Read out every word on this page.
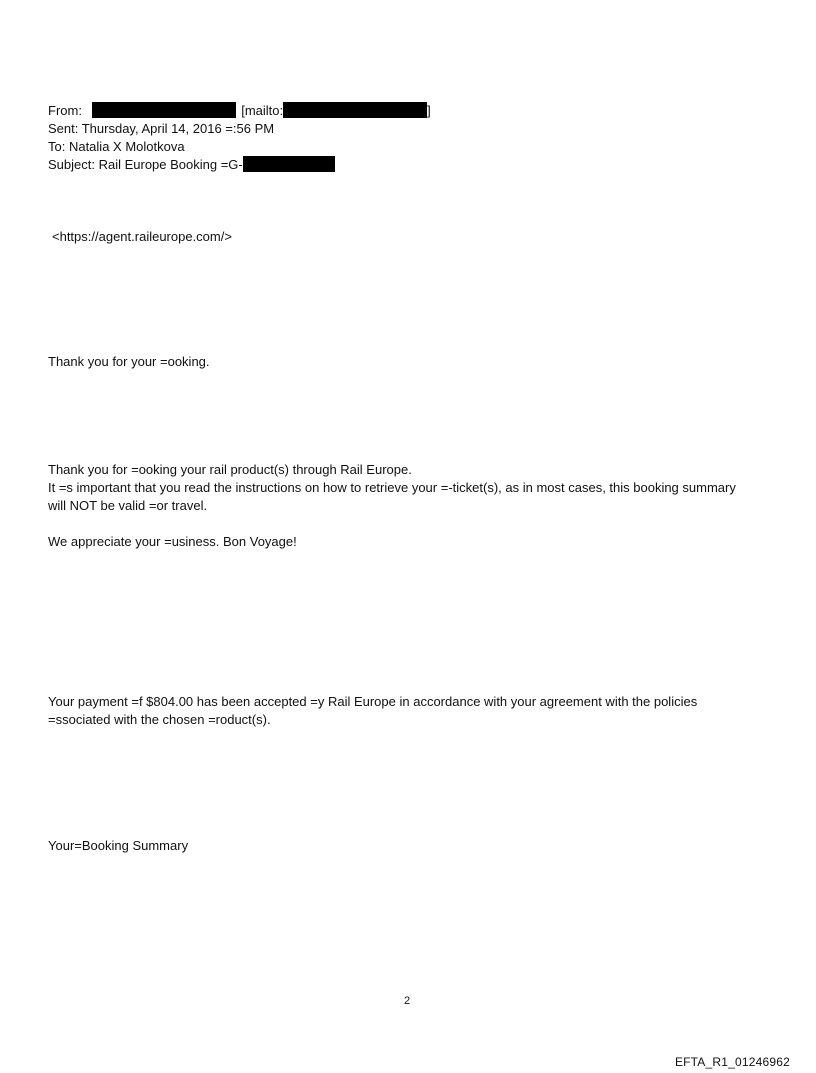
From:	[mailto:	]
Sent: Thursday, April 14, 2016 =:56 PM
To: Natalia X Molotkova
Subject: Rail Europe Booking =G-
<https://agent.raileurope.com/>
Thank you for your =ooking.
Thank you for =ooking your rail product(s) through Rail Europe.
It =s important that you read the instructions on how to retrieve your =-ticket(s), as in most cases, this booking summary
will NOT be valid =or travel.
We appreciate your =usiness. Bon Voyage!
Your payment =f $804.00 has been accepted =y Rail Europe in accordance with your agreement with the policies
=ssociated with the chosen =roduct(s).
Your=Booking Summary
2
EFTA_R1_01246962
